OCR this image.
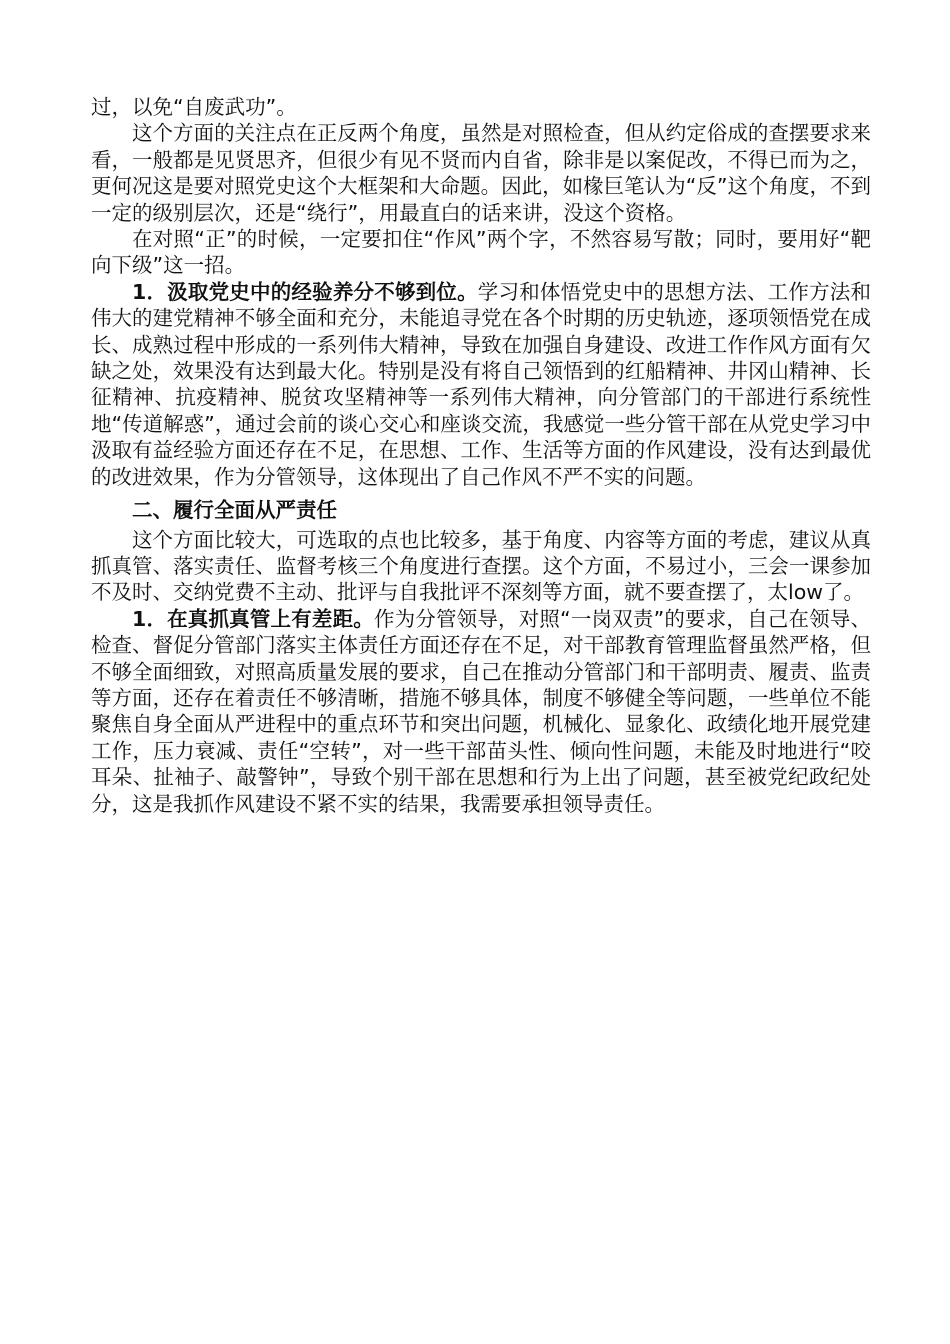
过，以免“自废武功”。

这个方面的关注点在正反两个角度，虽然是对照检查，但从约定俗成的查摆要求来看，一般都是见贤思齐，但很少有见不贤而内自省，除非是以案促改，不得已而为之，更何况这是要对照党史这个大框架和大命题。因此，如椽巨笔认为“反”这个角度，不到一定的级别层次，还是“绕行”，用最直白的话来讲，没这个资格。

在对照“正”的时候，一定要扣住“作风”两个字，不然容易写散；同时，要用好“靶向下级”这一招。

1．汲取党史中的经验养分不够到位。学习和体悟党史中的思想方法、工作方法和伟大的建党精神不够全面和充分，未能追寻党在各个时期的历史轨迹，逐项领悟党在成长、成熟过程中形成的一系列伟大精神，导致在加强自身建设、改进工作作风方面有欠缺之处，效果没有达到最大化。特别是没有将自己领悟到的红船精神、井冈山精神、长征精神、抗疫精神、脱贫攻坚精神等一系列伟大精神，向分管部门的干部进行系统性地“传道解惑”，通过会前的谈心交心和座谈交流，我感觉一些分管干部在从党史学习中汲取有益经验方面还存在不足，在思想、工作、生活等方面的作风建设，没有达到最优的改进效果，作为分管领导，这体现出了自己作风不严不实的问题。

二、履行全面从严责任

这个方面比较大，可选取的点也比较多，基于角度、内容等方面的考虑，建议从真抓真管、落实责任、监督考核三个角度进行查摆。这个方面，不易过小，三会一课参加不及时、交纳党费不主动、批评与自我批评不深刻等方面，就不要查摆了，太low了。

1．在真抓真管上有差距。作为分管领导，对照“一岗双责”的要求，自己在领导、检查、督促分管部门落实主体责任方面还存在不足，对干部教育管理监督虽然严格，但不够全面细致，对照高质量发展的要求，自己在推动分管部门和干部明责、履责、监责等方面，还存在着责任不够清晰，措施不够具体，制度不够健全等问题，一些单位不能聚焦自身全面从严进程中的重点环节和突出问题，机械化、显象化、政绩化地开展党建工作，压力衰减、责任“空转”，对一些干部苗头性、倾向性问题，未能及时地进行“咬耳朵、扯袖子、敲警钟”，导致个别干部在思想和行为上出了问题，甚至被党纪政纪处分，这是我抓作风建设不紧不实的结果，我需要承担领导责任。
